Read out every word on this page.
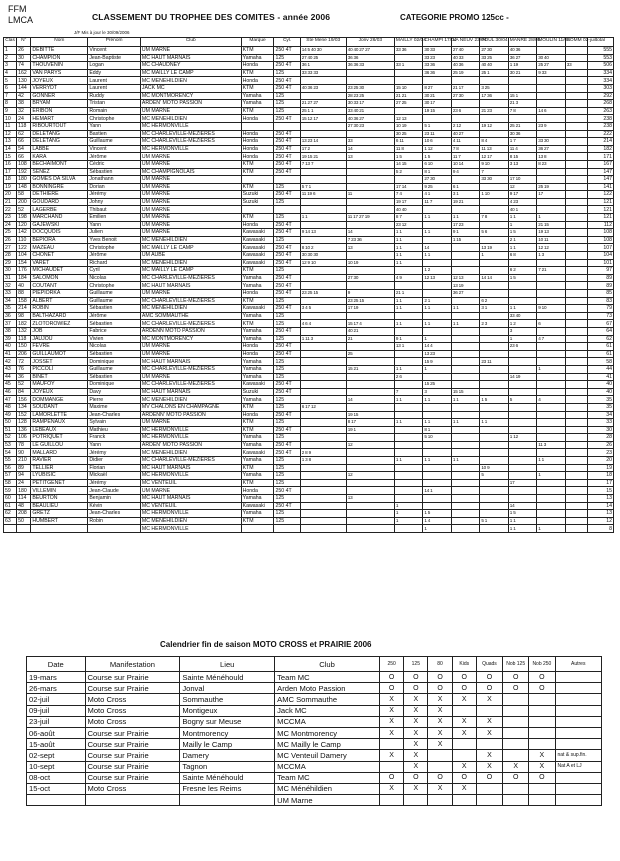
FFM
LMCA	CLASSEMENT DU TROPHEE DES COMITES - année 2006	CATEGORIE PROMO 125cc -
J/F Mis à jour le 30/09/2006
Clas	N°	Nom	Prénom	Club	Marque	Cyl.	Ste Mene 19/03	Jonv 26/03	MAILLY 02/04	CHAMPI 17/04	LA NEUV 23/04	POUL 30/04	MANRE 28/05	MOULIN 11/06	SOMM 02-juil	total
1	26	DEBITTE	Vincent	UM MARNE	KTM	250 4T	14 5 40 30	40 40 27 27	33 36	30 33	27 40	27 30	40 36			555
2	30	CHAMPION	Jean-Baptiste	MC HAUT MARNAIS	Yamaha	125	27 40 25	36 36		33 23	40 33	33 25	36 27	30 40		553
3	74	THOUVENIN	Logan	MC CHAUDNEY	Honda	250 4T	36 1	36 36 33	33 1	33 36	40 36	40 40	1 19	25 27	33	506
4	162	VAN PARYS	Eddy	MC MAILLY LE CAMP	KTM	125	33 33 33			36 36	25 19	25 1	30 21	9 33		334
5	130	JOYEUX	Laurent	MC MENEHILDIEN	Honda	250 4T										334
6	144	VERRYDT	Laurent	JACK MC	KTM	250 4T	40 36 23	23 25 30	15 10	8 27	21 17	3 25				303
7	42	GONNER	Ruddy	MC MONTMORENCY	Yamaha	125		28 23 25	21 21	30 21	27 30	17 36	15 1			292
8	38	BRYAM	Tristan	ARDEN' MOTO PASSION	Yamaha	125	21 27 27	30 33 17	27 25	30 17			21 3			268
9	32	ERIBON	Romain	UM MARNE	KTM	125	25 1 1	33 40 21		19 15	23 6	21 23	7 8	14 6		263
10	24	HEMART	Christophe	MC MENEHILDIEN	Honda	250 4T	15 12 17	40 36 27	12 13							238
11	118	RIBOURTOUT	Yann	MC HERMONVILLE				27 30 23	10 19	5 1	2 12	19 12	25 21	23 9		238
12	62	DELETANG	Bastien	MC CHARLEVILLE-MEZIERES	Honda	250 4T			30 25	23 11	40 27		30 36			222
13	66	DELETANG	Guillaume	MC CHARLEVILLE-MEZIERES	Honda	250 4T	13 23 14	33	6 11	10 6	4 11	8 4	1 7	33 30		214
14	54	LABBE	Vincent	MC HERMONVILLE	Honda	250 4T	17 2	14	11 8	1 12	7 8	11 13	11 4	36 27		182
15	66	KARA	Jérôme	UM MARNE	Honda	250 4T	19 15 21	13	1 5	1 5	11 7	12 17	8 15	13 8		171
16	108	BECHAIMONT	Cédric	UM MARNE	KTM	250 4T	7 13 7		14 15	6 10	10 14	9 10	3 13	8 23		167
17	192	SENEZ	Sébastien	MC CHAMPIGNOLAIS	KTM	250 4T			5 2	8 1	9 4	7				147
18	180	GOMES DA SILVA	Jonathann	UM MARNE						27 30		33 30	17 10			147
19	148	BONNINGRE	Dorian	UM MARNE	KTM	125	5 7 1		17 14	9 25	6 1		12	25 19		141
20	58	DETHIERE	Jérémy	UM MARNE	Suzuki	250 4T	11 19 6	11	7 4	4 1	3 1	1 10	9 17	17		122
21	200	GOUDARD	Johny	UM MARNE	Suzuki	125			19 17	11 7	19 21		4 23			121
22	52	LAGERBE	Thibaut	UM MARNE					40 40				40 1			121
23	198	MARCHAND	Emilien	UM MARNE	KTM	125	1 1	11 17 27 19	8 7	1 1	1 1	7 8	1 1	1		121
24	120	GAJEWSKI	Yann	UM MARNE	Honda	250 4T			23 12		17 23		1	21 15		112
25	142	DOCQUOIS	Julien	UM MARNE	Kawasaki	250 4T	9 14 13	14	1 1	1 1	9 1	5 6	1 5	19 13		108
26	110	BEPIORA	Yves Benoit	MC MENEHILDIEN	Kawasaki	125		7 23 36	1 1		1 15		2 1	10 11		108
27	122	MAZEAU	Christophe	MC MAILLY LE CAMP	Kawasaki	250 4T	8 10 2	13	1 1	14		13 19	1 1	12 12		107
28	104	CHONET	Jérôme	UM AUBE	Kawasaki	250 4T	30 30 30		1 1	1 1		1	6 8	1 3		104
29	154	VARET	Richard	MC MENEHILDIEN	Kawasaki	250 4T	12 9 10	10 19	1 1							101
30	176	MICHAUDET	Cyril	MC MAILLY LE CAMP	KTM	125				1 2			6 2	7 21		97
31	184	SALOMON	Nicolas	MC CHARLEVILLE-MEZIERES	Yamaha	250 4T		27 30	4 9	12 13	12 13	14 14	1 5			89
32	40	COUTANT	Christophe	MC HAUT MARNAIS	Yamaha	250 4T					13 19					89
33	88	PIEPIORKA	Guillaume	UM MARNE	Honda	250 4T	23 25 15	9	21 1		36 27					85
34	158	ALBERT	Guillaume	MC CHARLEVILLE-MEZIERES	KTM	125		23 25 15	1 1	2 1		6 2				83
35	214	ROBIN	Sébastien	MC MENEHILDIEN	Kawasaki	250 4T	3 4 5	17 19	1 1	1 1	1 1	3 1	1 1	9 10		79
36	98	BALTHAZARD	Jérôme	AMC SOMMAUTHE	Yamaha	125							33 40			73
37	182	ZLOTOROWIEZ	Sébastien	MC CHARLEVILLE-MEZIERES	KTM	125	4 6 4	15 17 4	1 1	1 1	1 1	2 3	1 2	6		67
38	132	JOB	Fabrice	ARDENN MOTO PASSION	Yamaha	250 4T		40 21					3			64
39	118	JAUJOU	Vivien	MC MONTMORENCY	Yamaha	125	1 11 3	21	9 1	1			1	4 7		62
40	150	FEVRE	Nicolas	UM MARNE	Honda	250 4T			13 1	14 4			23 6			61
41	206	GUILLAUMOT	Sébastien	UM MARNE	Honda	250 4T		25		13 23						61
42	72	JOSSET	Dominique	MC HAUT MARNAIS	Yamaha	125				15 9		23 11				58
43	76	PICCOLI	Guillaume	MC CHARLEVILLE-MEZIERES	Yamaha	125		15 21	1 1	1				1		44
44	36	BINET	Sébastien	UM MARNE	Yamaha	125			2 6				14 19			41
45	52	MAUFOY	Dominique	MC CHARLEVILLE-MEZIERES	Kawasaki	250 4T				15 25						40
46	84	JOYEUX	Davy	MC HAUT MARNAIS	Suzuki	250 4T			7	3	15 15					40
47	156	DOMMANGE	Pierre	MC MENEHILDIEN	Yamaha	125		14	1 1	1 1	1 1	1 5	5	4		35
48	134	SOUDANT	Maxime	MV CHALONS EN CHAMPAGNE	KTM	125	6 17 12									35
49	152	LAMORLETTE	Jean-Charles	ARDENN' MOTO PASSION	Honda	250 4T		19 15								34
50	128	RAMPENAUX	Sylvain	UM MARNE	KTM	125		8 17	1 1	1 1	1 1	1 1				33
51	136	LEBEAUX	Mathieu	MC HERMONVILLE	KTM	250 4T		19 1		8 1						30
52	106	POTRIQUET	Franck	MC HERMONVILLE	Yamaha	125				5 10			1 12			28
53	78	LE GUILLOU	Yann	ARDEN' MOTO PASSION	Yamaha	250 4T		12						11 3		26
54	90	MALLARD	Jérémy	MC MENEHILDIEN	Kawasaki	250 4T	2 8 9									23
55	210	RAVIER	Didier	MC CHARLEVILLE-MEZIERES	Yamaha	125	1 3 8		1 1	1 1	1 1			1 1		20
56	89	TELLIER	Florian	MC HAUT MARNAIS	KTM	125						10 9				19
57	94	LYUBISIC	Mickaël	MC HERMONVILLE	Yamaha	125		12				5		1		18
58	24	PETITGENET	Jérémy	MC VENTEUIL	KTM	125							17			17
59	180	VILLEMIN	Jean-Claude	UM MARNE	Honda	250 4T				14 1						15
60	114	BEURTON	Benjamin	MC HAUT MARNAIS	Yamaha	125		13								13
61	48	BEAULIEU	Kévin	MC VENTEUIL	Kawasaki	250 4T			1				14			14
62	208	GRETZ	Jean-Charles	MC HERMONVILLE	Yamaha	125			1	1 5			1 5			13
63	50	HUMBERT	Robin	MC MENEHILDIEN	KTM	125			1	1 4		5 1	1 1			12
				MC HERMONVILLE						1			1 1	1		8
Calendrier fin de saison MOTO CROSS et PRAIRIE 2006
Date	Manifestation	Lieu	Club	250	125	80	Kids	Quads	Nob 125	Nob 250	Autres
19-mars	Course sur Prairie	Sainte Ménéhould	Team MC	O	O	O	O	O	O	O	
26-mars	Course sur Prairie	Jonval	Arden Moto Passion	O	O	O	O	O	O	O	
02-juil	Moto Cross	Sommauthe	AMC Sommauthe	X	X	X	X	X			
09-juil	Moto Cross	Montigeux	Jack MC	X	X	X					
23-juil	Moto Cross	Bogny sur Meuse	MCCMA	X	X	X	X	X			
06-août	Course sur Prairie	Montmorency	MC Montmorency	X	X	X	X	X			
15-août	Course sur Prairie	Mailly le Camp	MC Mailly le Camp		X	X					
02-sept	Course sur Prairie	Damery	MC Venteuil Damery	X	X			X		X	nat & sup.fin.
10-sept	Course sur Prairie	Tagnon	MCCMA		X		X	X	X	X	Nat A et LJ
08-oct	Course sur Prairie	Sainte Ménéhould	Team MC	O	O	O	O	O	O	O	
15-oct	Moto Cross	Fresne les Reims	MC Ménéhildien	X	X	X	X				
			UM Marne								
